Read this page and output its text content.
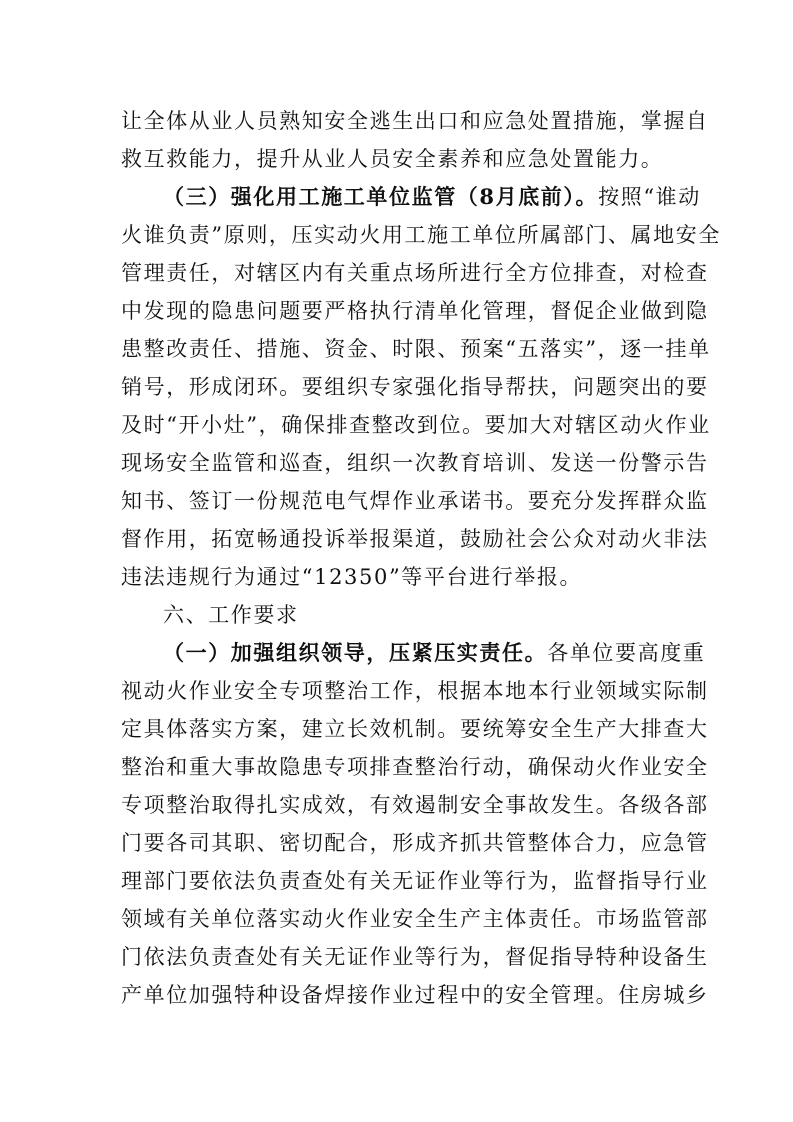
让全体从业人员熟知安全逃生出口和应急处置措施，掌握自
救互救能力，提升从业人员安全素养和应急处置能力。
（三）强化用工施工单位监管（8月底前）。按照“谁动
火谁负责”原则，压实动火用工施工单位所属部门、属地安全
管理责任，对辖区内有关重点场所进行全方位排查，对检查
中发现的隐患问题要严格执行清单化管理，督促企业做到隐
患整改责任、措施、资金、时限、预案“五落实”，逐一挂单
销号，形成闭环。要组织专家强化指导帮扶，问题突出的要
及时“开小灶”，确保排查整改到位。要加大对辖区动火作业
现场安全监管和巡查，组织一次教育培训、发送一份警示告
知书、签订一份规范电气焊作业承诺书。要充分发挥群众监
督作用，拓宽畅通投诉举报渠道，鼓励社会公众对动火非法
违法违规行为通过“12350”等平台进行举报。
六、工作要求
（一）加强组织领导，压紧压实责任。各单位要高度重
视动火作业安全专项整治工作，根据本地本行业领域实际制
定具体落实方案，建立长效机制。要统筹安全生产大排查大
整治和重大事故隐患专项排查整治行动，确保动火作业安全
专项整治取得扎实成效，有效遏制安全事故发生。各级各部
门要各司其职、密切配合，形成齐抓共管整体合力，应急管
理部门要依法负责查处有关无证作业等行为，监督指导行业
领域有关单位落实动火作业安全生产主体责任。市场监管部
门依法负责查处有关无证作业等行为，督促指导特种设备生
产单位加强特种设备焊接作业过程中的安全管理。住房城乡
